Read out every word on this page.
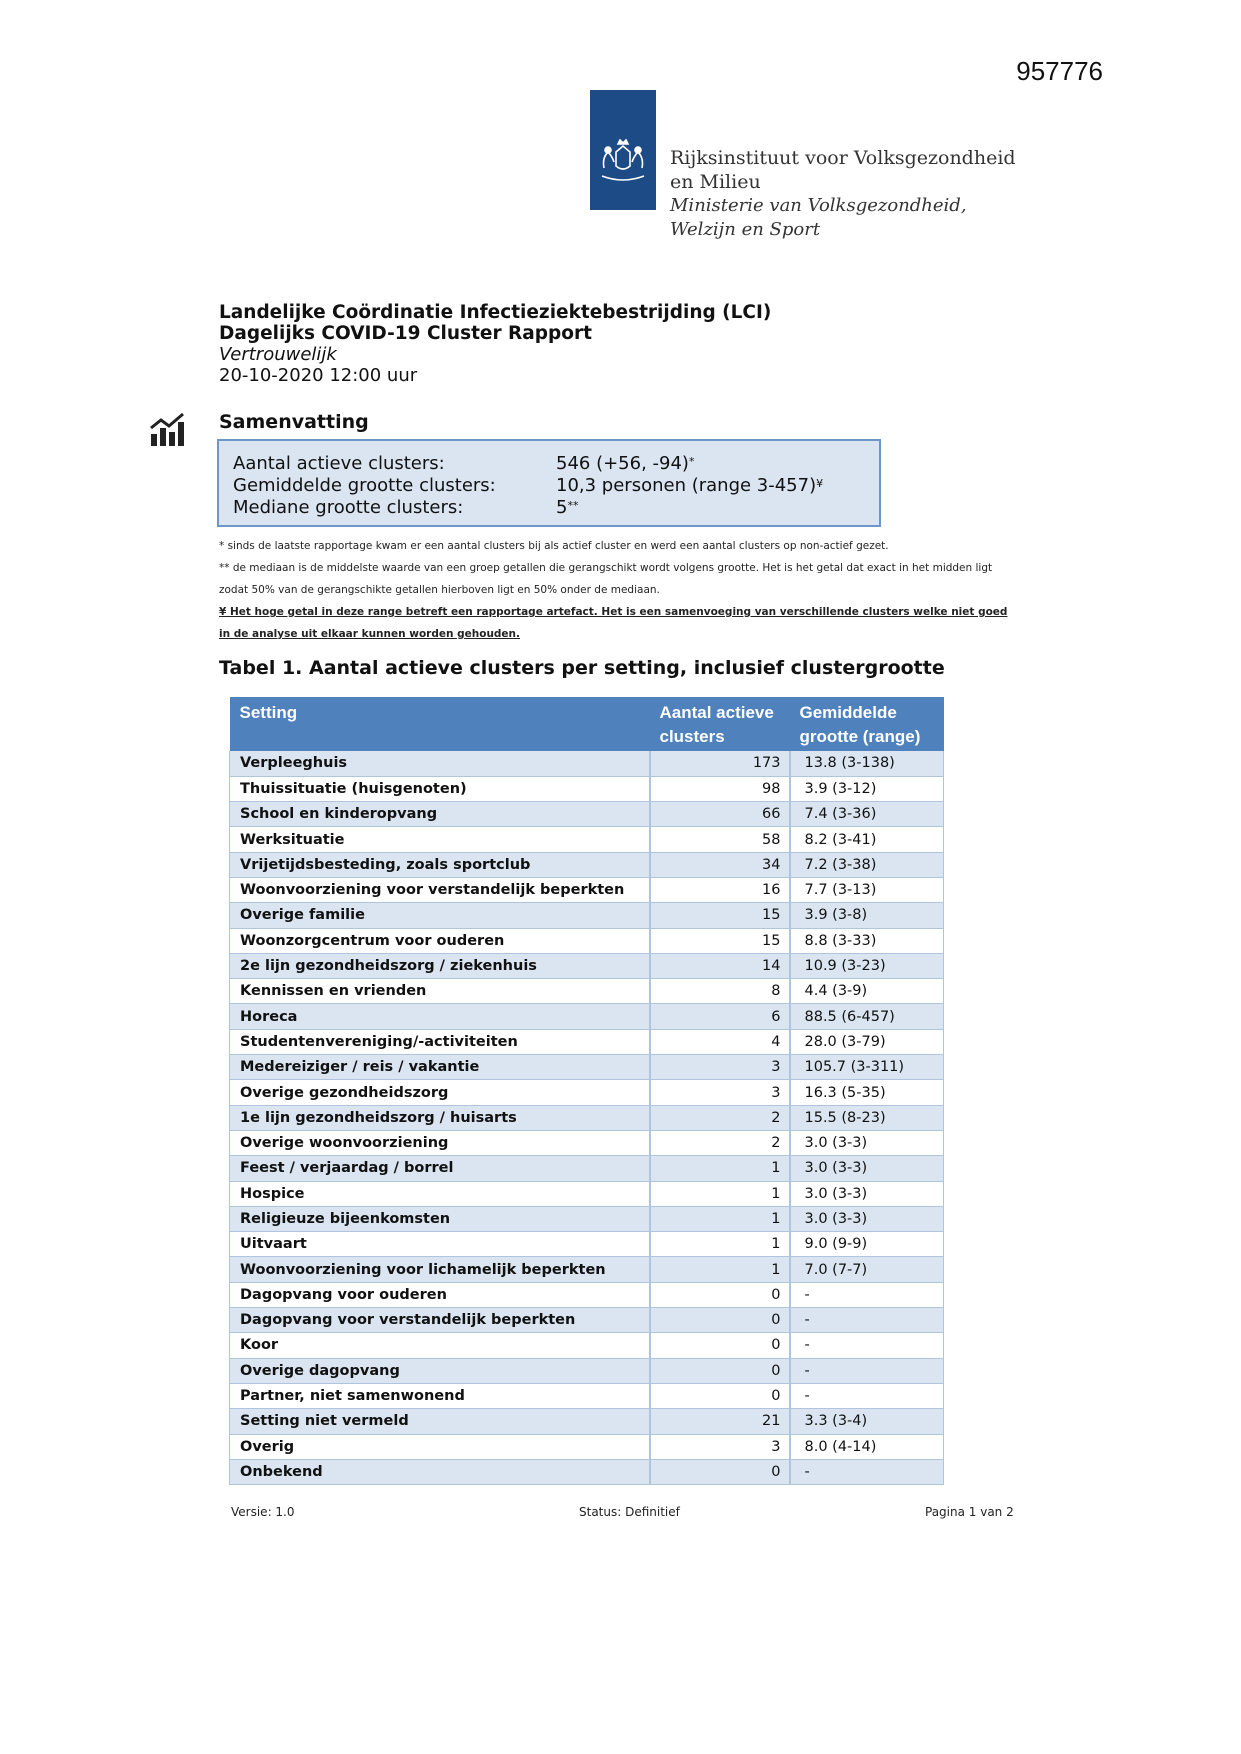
957776
Rijksinstituut voor Volksgezondheid
en Milieu
Ministerie van Volksgezondheid,
Welzijn en Sport
Landelijke Coördinatie Infectieziektebestrijding (LCI)
Dagelijks COVID-19 Cluster Rapport
Vertrouwelijk
20-10-2020 12:00 uur
Samenvatting
Aantal actieve clusters:	546 (+56, -94)*
Gemiddelde grootte clusters:	10,3 personen (range 3-457)¥
Mediane grootte clusters:	5**
* sinds de laatste rapportage kwam er een aantal clusters bij als actief cluster en werd een aantal clusters op non-actief gezet.
** de mediaan is de middelste waarde van een groep getallen die gerangschikt wordt volgens grootte. Het is het getal dat exact in het midden ligt
zodat 50% van de gerangschikte getallen hierboven ligt en 50% onder de mediaan.
¥ Het hoge getal in deze range betreft een rapportage artefact. Het is een samenvoeging van verschillende clusters welke niet goed
in de analyse uit elkaar kunnen worden gehouden.
Tabel 1. Aantal actieve clusters per setting, inclusief clustergrootte
Setting	Aantal actieve clusters	Gemiddelde grootte (range)
Verpleeghuis	173	13.8 (3-138)
Thuissituatie (huisgenoten)	98	3.9 (3-12)
School en kinderopvang	66	7.4 (3-36)
Werksituatie	58	8.2 (3-41)
Vrijetijdsbesteding, zoals sportclub	34	7.2 (3-38)
Woonvoorziening voor verstandelijk beperkten	16	7.7 (3-13)
Overige familie	15	3.9 (3-8)
Woonzorgcentrum voor ouderen	15	8.8 (3-33)
2e lijn gezondheidszorg / ziekenhuis	14	10.9 (3-23)
Kennissen en vrienden	8	4.4 (3-9)
Horeca	6	88.5 (6-457)
Studentenvereniging/-activiteiten	4	28.0 (3-79)
Medereiziger / reis / vakantie	3	105.7 (3-311)
Overige gezondheidszorg	3	16.3 (5-35)
1e lijn gezondheidszorg / huisarts	2	15.5 (8-23)
Overige woonvoorziening	2	3.0 (3-3)
Feest / verjaardag / borrel	1	3.0 (3-3)
Hospice	1	3.0 (3-3)
Religieuze bijeenkomsten	1	3.0 (3-3)
Uitvaart	1	9.0 (9-9)
Woonvoorziening voor lichamelijk beperkten	1	7.0 (7-7)
Dagopvang voor ouderen	0	-
Dagopvang voor verstandelijk beperkten	0	-
Koor	0	-
Overige dagopvang	0	-
Partner, niet samenwonend	0	-
Setting niet vermeld	21	3.3 (3-4)
Overig	3	8.0 (4-14)
Onbekend	0	-
Versie: 1.0	Status: Definitief	Pagina 1 van 2
